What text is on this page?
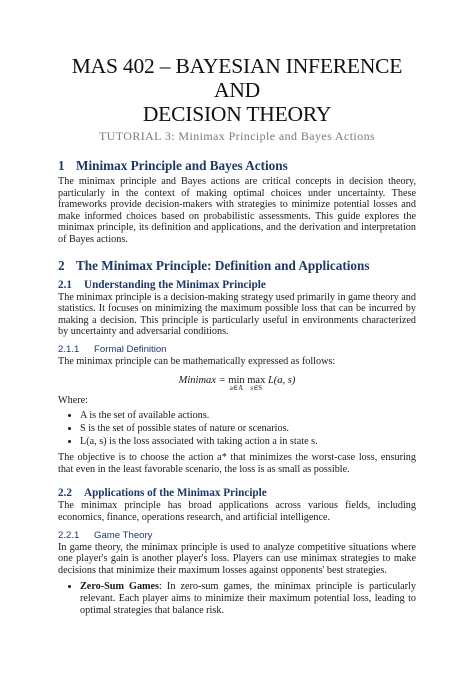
MAS 402 – BAYESIAN INFERENCE AND
DECISION THEORY
TUTORIAL 3: Minimax Principle and Bayes Actions
1 Minimax Principle and Bayes Actions

The minimax principle and Bayes actions are critical concepts in decision theory, particularly in the context of making optimal choices under uncertainty. These frameworks provide decision-makers with strategies to minimize potential losses and make informed choices based on probabilistic assessments. This guide explores the minimax principle, its definition and applications, and the derivation and interpretation of Bayes actions.

2 The Minimax Principle: Definition and Applications
2.1 Understanding the Minimax Principle

The minimax principle is a decision-making strategy used primarily in game theory and statistics. It focuses on minimizing the maximum possible loss that can be incurred by making a decision. This principle is particularly useful in environments characterized by uncertainty and adversarial conditions.

2.1.1 Formal Definition

The minimax principle can be mathematically expressed as follows:

Minimax = min
a∈A
max
s∈S
L(a, s)

Where:

• A is the set of available actions.
• S is the set of possible states of nature or scenarios.
• L(a, s) is the loss associated with taking action a in state s.

The objective is to choose the action a* that minimizes the worst-case loss, ensuring that even in the least favorable scenario, the loss is as small as possible.

2.2 Applications of the Minimax Principle

The minimax principle has broad applications across various fields, including economics, finance, operations research, and artificial intelligence.

2.2.1 Game Theory

In game theory, the minimax principle is used to analyze competitive situations where one player's gain is another player's loss. Players can use minimax strategies to make decisions that minimize their maximum losses against opponents' best strategies.

• Zero-Sum Games: In zero-sum games, the minimax principle is particularly relevant. Each player aims to minimize their maximum potential loss, leading to optimal strategies that balance risk.
